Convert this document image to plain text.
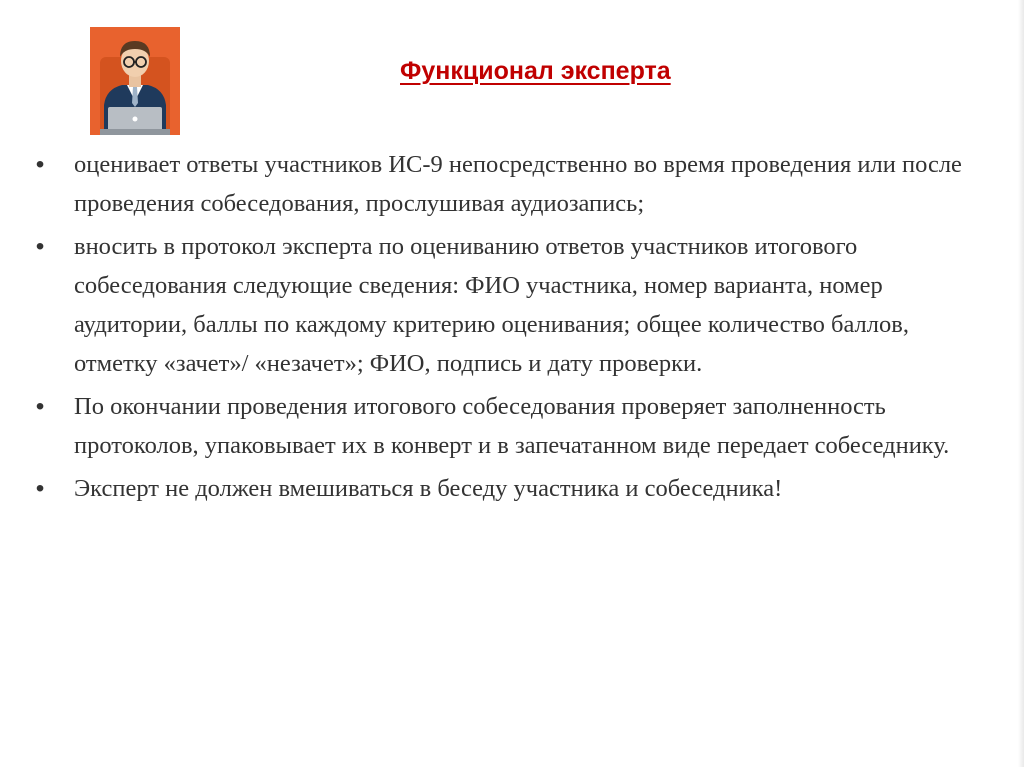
Функционал эксперта
• оценивает ответы участников ИС-9 непосредственно во время проведения или после проведения собеседования, прослушивая аудиозапись;
• вносить в протокол эксперта по оцениванию ответов участников итогового собеседования следующие сведения: ФИО участника, номер варианта, номер аудитории, баллы по каждому критерию оценивания; общее количество баллов, отметку «зачет»/ «незачет»; ФИО, подпись и дату проверки.
• По окончании проведения итогового собеседования проверяет заполненность протоколов, упаковывает их в конверт и в запечатанном виде передает собеседнику.
• Эксперт не должен вмешиваться в беседу участника и собеседника!
